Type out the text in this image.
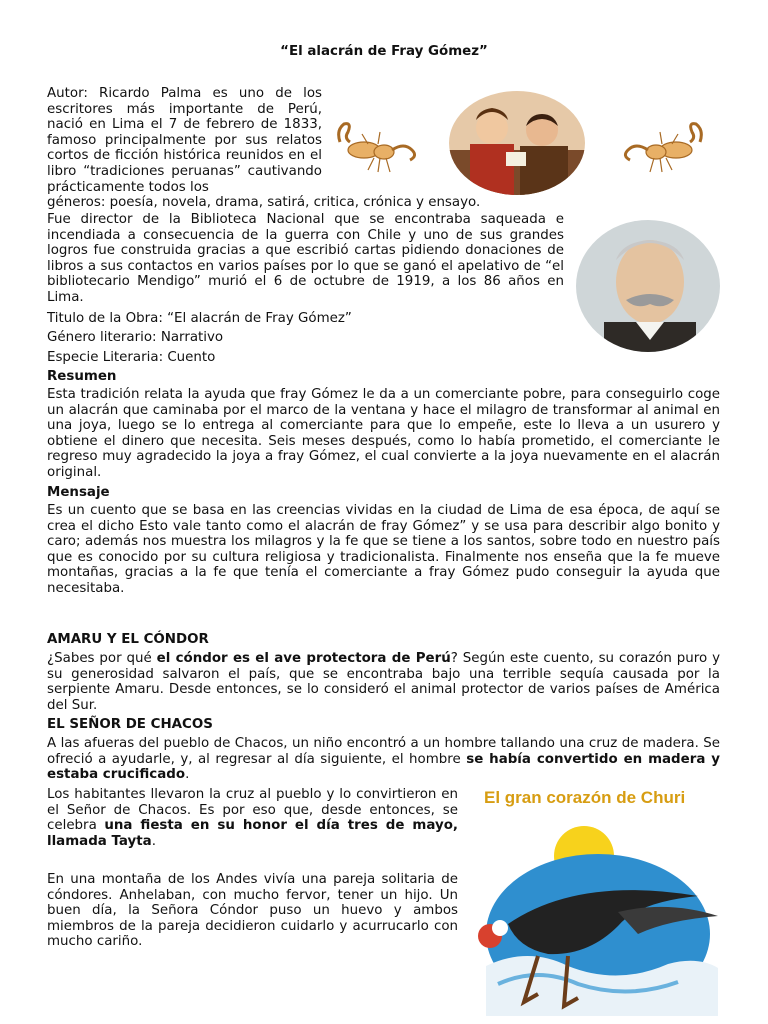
“El alacrán de Fray Gómez”
Autor: Ricardo Palma es uno de los escritores más importante de Perú, nació en Lima el 7 de febrero de 1833, famoso principalmente por sus relatos cortos de ficción histórica reunidos en el libro “tradiciones peruanas” cautivando prácticamente todos los
géneros: poesía, novela, drama, satirá, critica, crónica y ensayo.
Fue director de la Biblioteca Nacional que se encontraba saqueada e incendiada a consecuencia de la guerra con Chile y uno de sus grandes logros fue construida gracias a que escribió cartas pidiendo donaciones de libros a sus contactos en varios países por lo que se ganó el apelativo de “el bibliotecario Mendigo” murió el 6 de octubre de 1919, a los 86 años en Lima.
Titulo de la Obra: “El alacrán de Fray Gómez”
Género literario: Narrativo
Especie Literaria: Cuento
Resumen
Esta tradición relata la ayuda que fray Gómez le da a un comerciante pobre, para conseguirlo coge un alacrán que caminaba por el marco de la ventana y hace el milagro de transformar al animal en una joya, luego se lo entrega al comerciante para que lo empeñe, este lo lleva a un usurero y obtiene el dinero que necesita. Seis meses después, como lo había prometido, el comerciante le regreso muy agradecido la joya a fray Gómez, el cual convierte a la joya nuevamente en el alacrán original.
Mensaje
Es un cuento que se basa en las creencias vividas en la ciudad de Lima de esa época, de aquí se crea el dicho Esto vale tanto como el alacrán de fray Gómez” y se usa para describir algo bonito y caro; además nos muestra los milagros y la fe que se tiene a los santos, sobre todo en nuestro país que es conocido por su cultura religiosa y tradicionalista. Finalmente nos enseña que la fe mueve montañas, gracias a la fe que tenía el comerciante a fray Gómez pudo conseguir la ayuda que necesitaba.
AMARU Y EL CÓNDOR
¿Sabes por qué el cóndor es el ave protectora de Perú? Según este cuento, su corazón puro y su generosidad salvaron el país, que se encontraba bajo una terrible sequía causada por la serpiente Amaru. Desde entonces, se lo consideró el animal protector de varios países de América del Sur.
EL SEÑOR DE CHACOS
A las afueras del pueblo de Chacos, un niño encontró a un hombre tallando una cruz de madera. Se ofreció a ayudarle, y, al regresar al día siguiente, el hombre se había convertido en madera y estaba crucificado.
Los habitantes llevaron la cruz al pueblo y lo convirtieron en el Señor de Chacos. Es por eso que, desde entonces, se celebra una fiesta en su honor el día tres de mayo, llamada Tayta.
En una montaña de los Andes vivía una pareja solitaria de cóndores. Anhelaban, con mucho fervor, tener un hijo. Un buen día, la Señora Cóndor puso un huevo y ambos miembros de la pareja decidieron cuidarlo y acurrucarlo con mucho cariño.
El gran corazón de Churi
